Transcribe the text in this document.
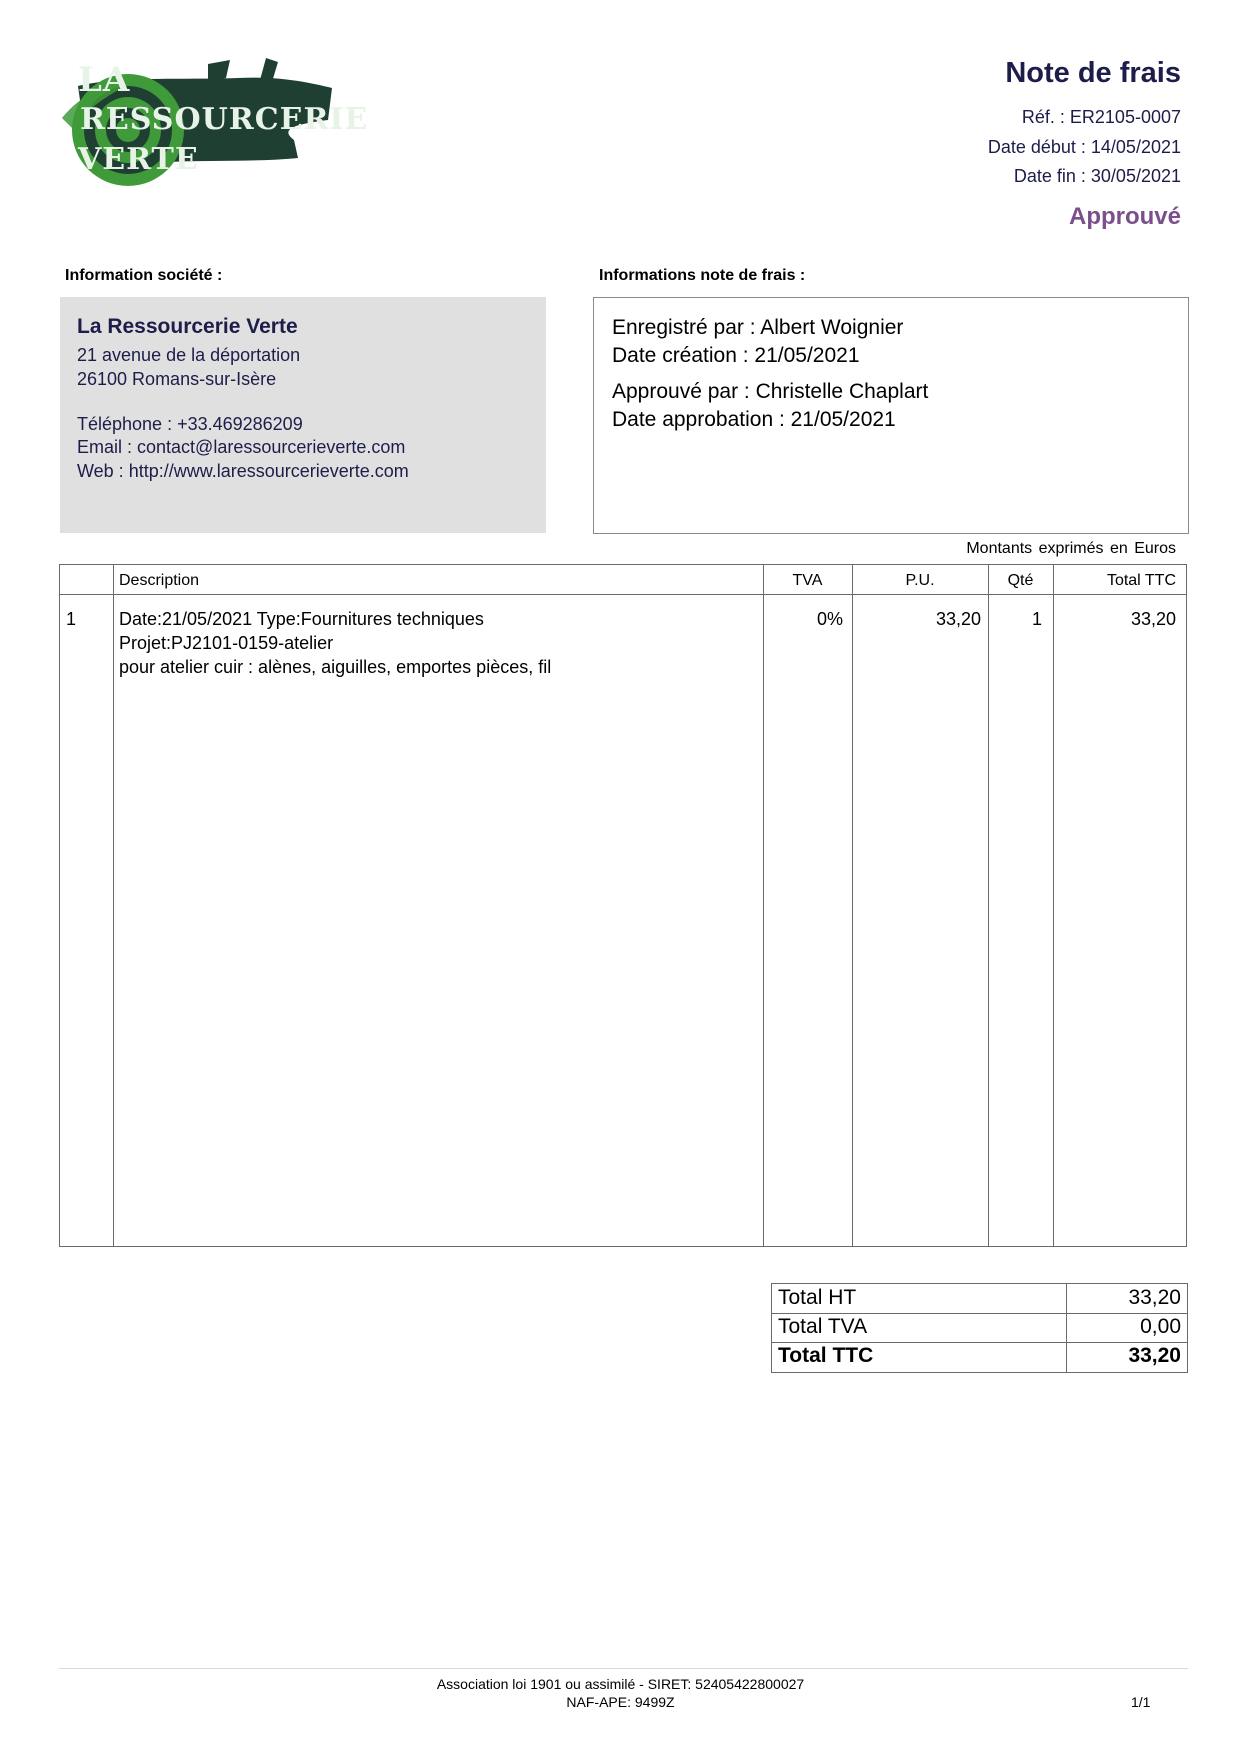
LA
RESSOURCERIE
VERTE
Note de frais
Réf. : ER2105-0007
Date début : 14/05/2021
Date fin : 30/05/2021
Approuvé
Information société :	Informations note de frais :
La Ressourcerie Verte
21 avenue de la déportation
26100 Romans-sur-Isère
Téléphone : +33.469286209
Email : contact@laressourcerieverte.com
Web : http://www.laressourcerieverte.com
Enregistré par : Albert Woignier
Date création : 21/05/2021
Approuvé par : Christelle Chaplart
Date approbation : 21/05/2021
Montants exprimés en Euros
Description	TVA	P.U.	Qté	Total TTC
1 Date:21/05/2021 Type:Fournitures techniques
Projet:PJ2101-0159-atelier
pour atelier cuir : alènes, aiguilles, emportes pièces, fil
0%	33,20	1	33,20
Total HT	33,20
Total TVA	0,00
Total TTC	33,20
Association loi 1901 ou assimilé - SIRET: 52405422800027
NAF-APE: 9499Z	1/1
